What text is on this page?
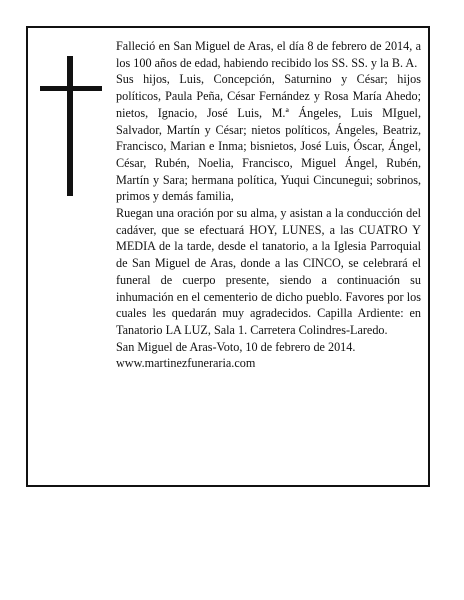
Falleció en San Miguel de Aras, el día 8 de febrero de 2014, a los 100 años de edad, habiendo recibido los SS. SS. y la B. A.

Sus hijos, Luis, Concepción, Saturnino y César; hijos políticos, Paula Peña, César Fernández y Rosa María Ahedo; nietos, Ignacio, José Luis, M.ª Ángeles, Luis MIguel, Salvador, Martín y César; nietos políticos, Ángeles, Beatriz, Francisco, Marian e Inma; bisnietos, José Luis, Óscar, Ángel, César, Rubén, Noelia, Francisco, Miguel Ángel, Rubén, Martín y Sara; hermana política, Yuqui Cincunegui; sobrinos, primos y demás familia,

Ruegan una oración por su alma, y asistan a la conducción del cadáver, que se efectuará HOY, LUNES, a las CUATRO Y MEDIA de la tarde, desde el tanatorio, a la Iglesia Parroquial de San Miguel de Aras, donde a las CINCO, se celebrará el funeral de cuerpo presente, siendo a continuación su inhumación en el cementerio de dicho pueblo. Favores por los cuales les quedarán muy agradecidos. Capilla Ardiente: en Tanatorio LA LUZ, Sala 1. Carretera Colindres-Laredo.

San Miguel de Aras-Voto, 10 de febrero de 2014.

www.martinezfuneraria.com
